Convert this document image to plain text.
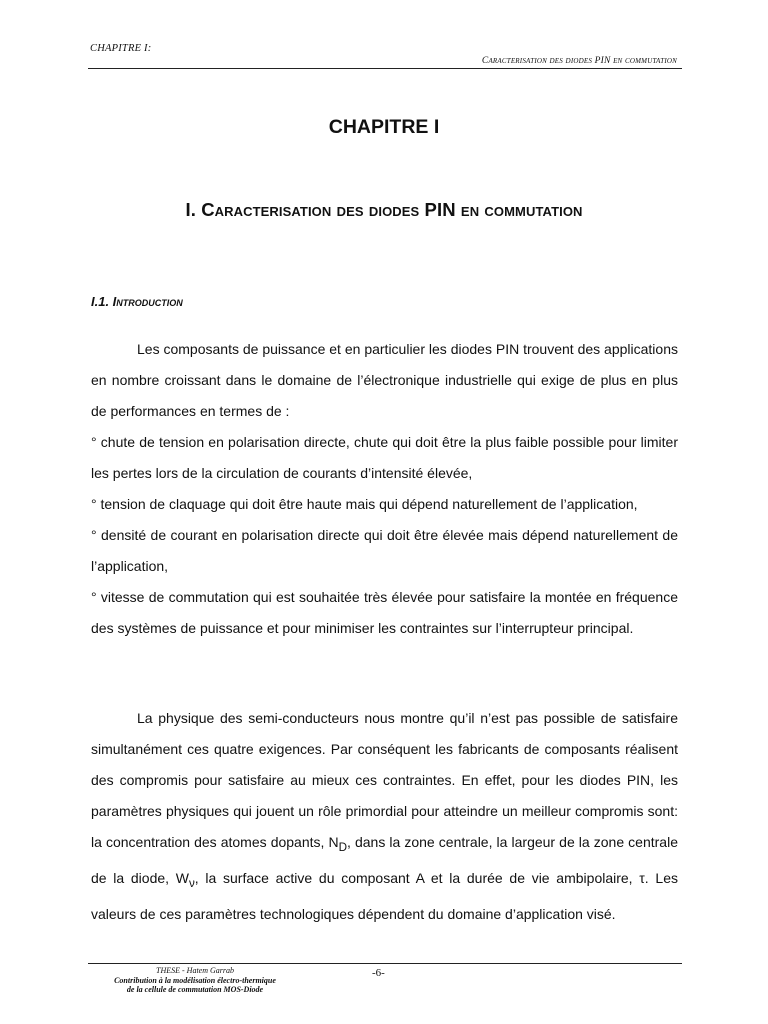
CHAPITRE I:
Caracterisation des diodes PIN en commutation
CHAPITRE I
I. Caracterisation des diodes PIN en commutation
I.1. Introduction

Les composants de puissance et en particulier les diodes PIN trouvent des applications en nombre croissant dans le domaine de l’électronique industrielle qui exige de plus en plus de performances en termes de :

° chute de tension en polarisation directe, chute qui doit être la plus faible possible pour limiter les pertes lors de la circulation de courants d’intensité élevée,

° tension de claquage qui doit être haute mais qui dépend naturellement de l’application,

° densité de courant en polarisation directe qui doit être élevée mais dépend naturellement de l’application,

° vitesse de commutation qui est souhaitée très élevée pour satisfaire la montée en fréquence des systèmes de puissance et pour minimiser les contraintes sur l’interrupteur principal.

La physique des semi-conducteurs nous montre qu’il n’est pas possible de satisfaire simultanément ces quatre exigences. Par conséquent les fabricants de composants réalisent des compromis pour satisfaire au mieux ces contraintes. En effet, pour les diodes PIN, les paramètres physiques qui jouent un rôle primordial pour atteindre un meilleur compromis sont: la concentration des atomes dopants, $N_D$, dans la zone centrale, la largeur de la zone centrale de la diode, $W_\nu$, la surface active du composant A et la durée de vie ambipolaire, τ. Les valeurs de ces paramètres technologiques dépendent du domaine d’application visé.

THESE - Hatem Garrab
Contribution à la modélisation électro-thermique
de la cellule de commutation MOS-Diode
-6-
